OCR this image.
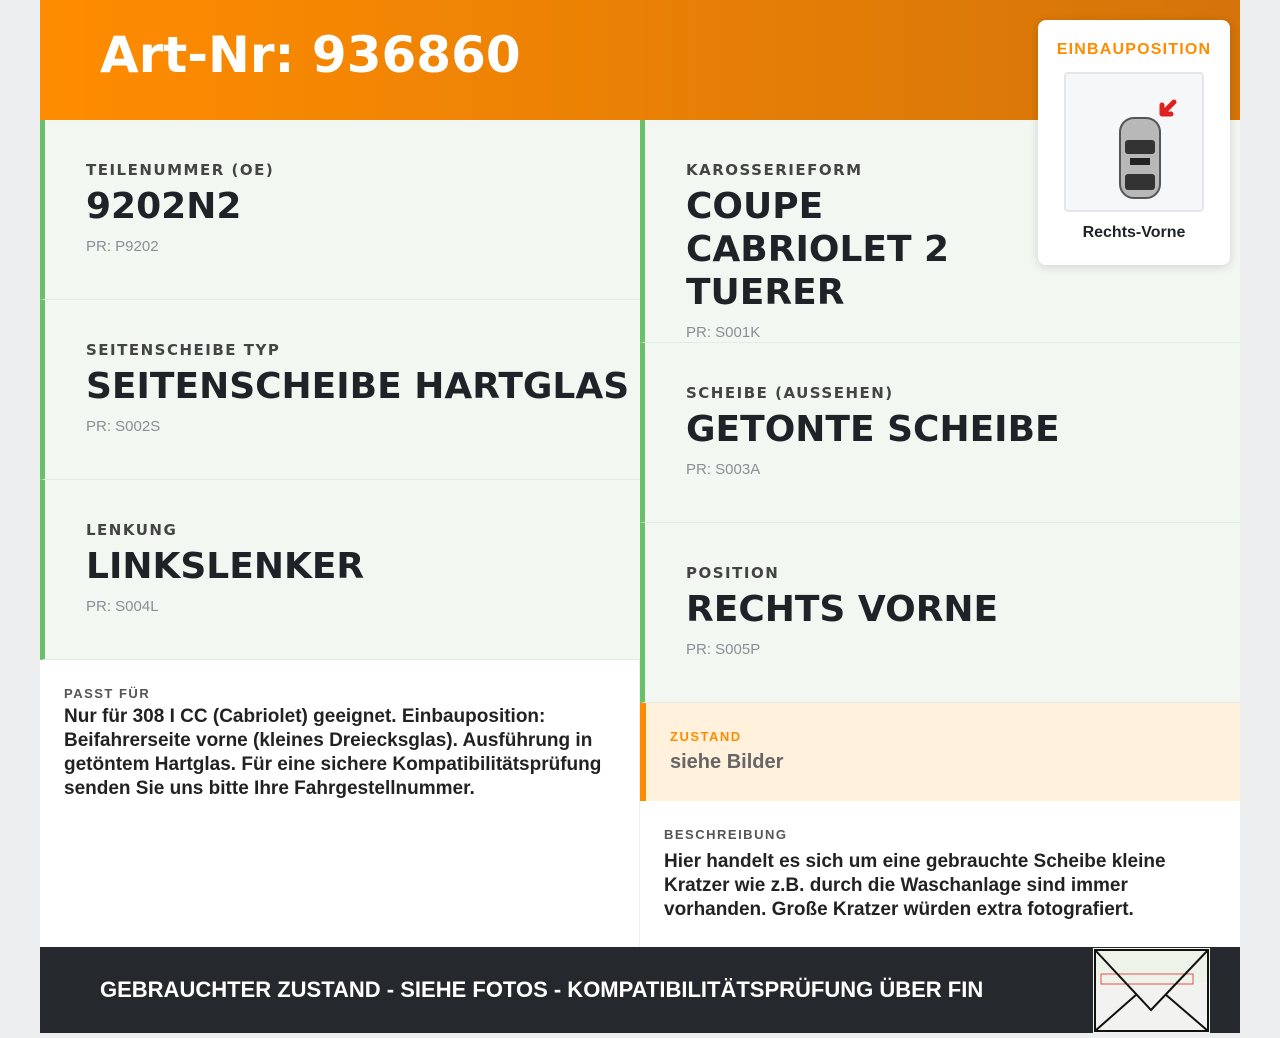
Art-Nr: 936860
TEILENUMMER (OE)
9202N2
PR: P9202
SEITENSCHEIBE TYP
SEITENSCHEIBE HARTGLAS
PR: S002S
LENKUNG
LINKSLENKER
PR: S004L
KAROSSERIEFORM
COUPE CABRIOLET 2 TUERER
PR: S001K
SCHEIBE (AUSSEHEN)
GETONTE SCHEIBE
PR: S003A
POSITION
RECHTS VORNE
PR: S005P
PASST FÜR
Nur für 308 I CC (Cabriolet) geeignet. Einbauposition: Beifahrerseite vorne (kleines Dreiecksglas). Ausführung in getöntem Hartglas. Für eine sichere Kompatibilitätsprüfung senden Sie uns bitte Ihre Fahrgestellnummer.
ZUSTAND
siehe Bilder
BESCHREIBUNG
Hier handelt es sich um eine gebrauchte Scheibe kleine Kratzer wie z.B. durch die Waschanlage sind immer vorhanden. Große Kratzer würden extra fotografiert.
GEBRAUCHTER ZUSTAND - SIEHE FOTOS - KOMPATIBILITÄTSPRÜFUNG ÜBER FIN
EINBAUPOSITION
Rechts-Vorne
